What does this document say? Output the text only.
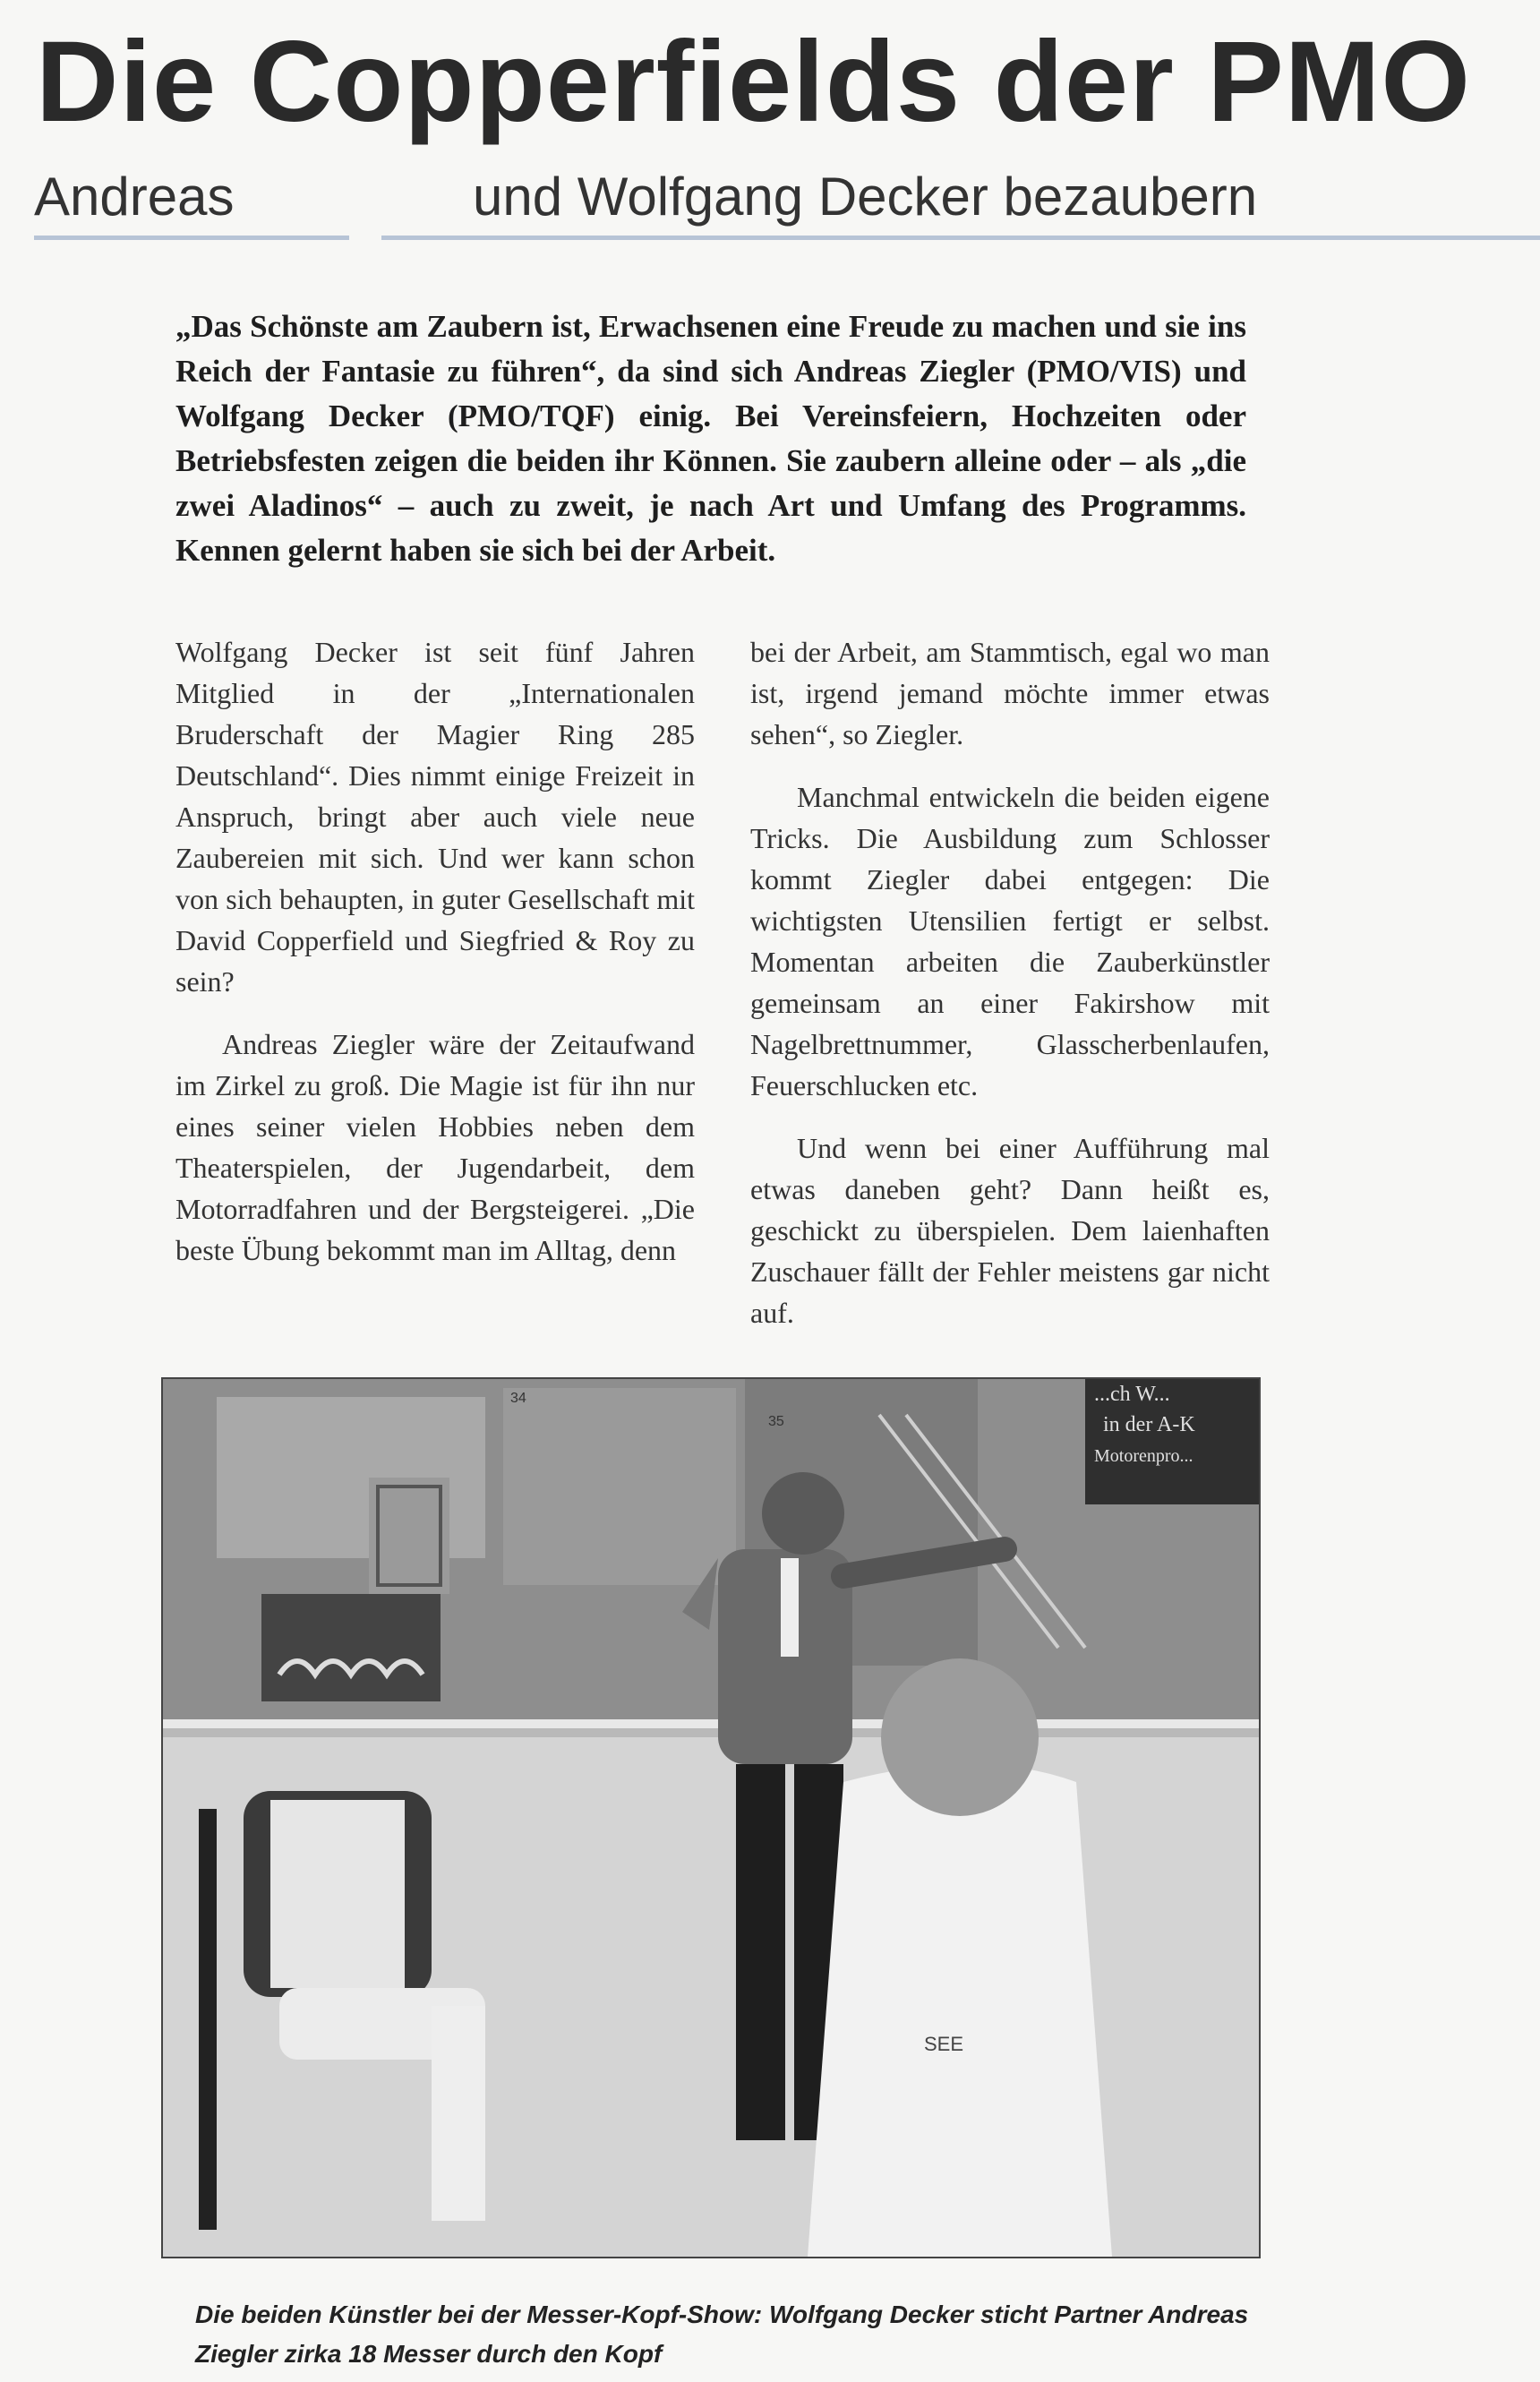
Die Copperfields der PMO
Andreas	und Wolfgang Decker bezaubern

„Das Schönste am Zaubern ist, Erwachsenen eine Freude zu machen und sie ins Reich der Fantasie zu führen“, da sind sich Andreas Ziegler (PMO/VIS) und Wolfgang Decker (PMO/TQF) einig. Bei Vereinsfeiern, Hochzeiten oder Betriebsfesten zeigen die beiden ihr Können. Sie zaubern alleine oder – als „die zwei Aladinos“ – auch zu zweit, je nach Art und Umfang des Programms. Kennen gelernt haben sie sich bei der Arbeit.

Wolfgang Decker ist seit fünf Jahren Mitglied in der „Internationalen Bruderschaft der Magier Ring 285 Deutschland“. Dies nimmt einige Freizeit in Anspruch, bringt aber auch viele neue Zaubereien mit sich. Und wer kann schon von sich behaupten, in guter Gesellschaft mit David Copperfield und Siegfried & Roy zu sein?

Andreas Ziegler wäre der Zeitaufwand im Zirkel zu groß. Die Magie ist für ihn nur eines seiner vielen Hobbies neben dem Theaterspielen, der Jugendarbeit, dem Motorradfahren und der Bergsteigerei. „Die beste Übung bekommt man im Alltag, denn

bei der Arbeit, am Stammtisch, egal wo man ist, irgend jemand möchte immer etwas sehen“, so Ziegler.

Manchmal entwickeln die beiden eigene Tricks. Die Ausbildung zum Schlosser kommt Ziegler dabei entgegen: Die wichtigsten Utensilien fertigt er selbst. Momentan arbeiten die Zauberkünstler gemeinsam an einer Fakirshow mit Nagelbrettnummer, Glasscherbenlaufen, Feuerschlucken etc.

Und wenn bei einer Aufführung mal etwas daneben geht? Dann heißt es, geschickt zu überspielen. Dem laienhaften Zuschauer fällt der Fehler meistens gar nicht auf.

...ch W...
in der A-K
Motorenpro...
34
35
SEE

Die beiden Künstler bei der Messer-Kopf-Show: Wolfgang Decker sticht Partner Andreas Ziegler zirka 18 Messer durch den Kopf
